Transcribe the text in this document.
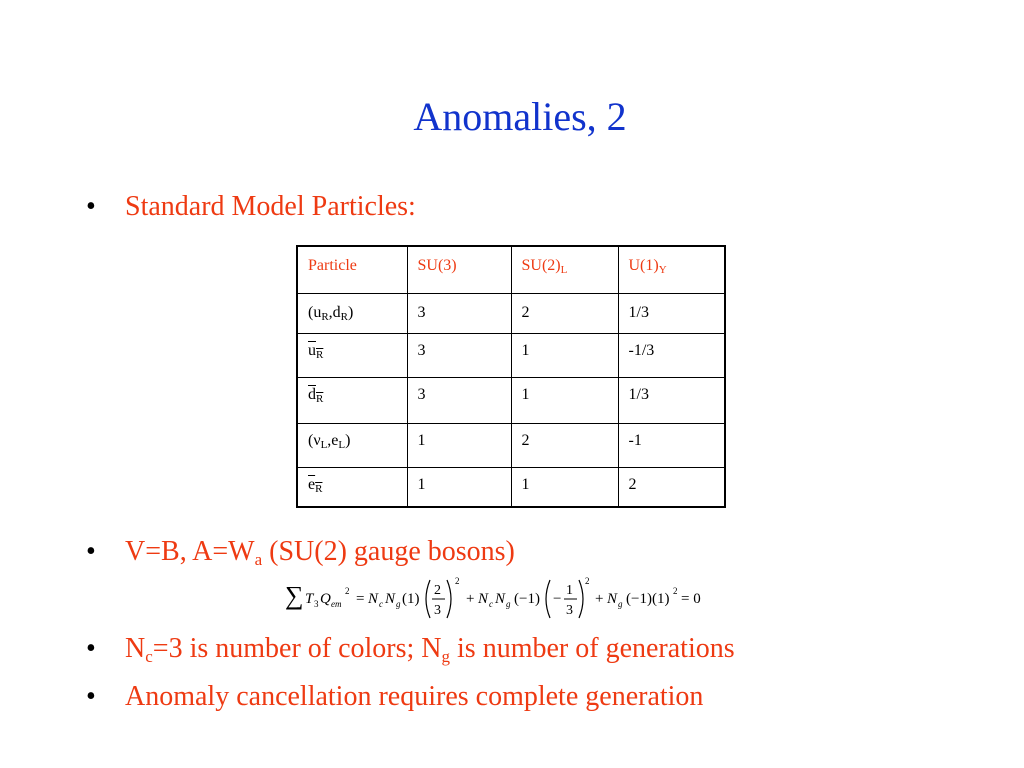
Anomalies, 2
• Standard Model Particles:
Particle	SU(3)	$SU(2)_L$	$U(1)_Y$
$(u_R,d_R)$	3	2	1/3
$u_R$	3	1	-1/3
$d_R$	3	1	1/3
$(\nu_L,e_L)$	1	2	-1
$e_R$	1	1	2
• V=B, $A=W_a$ (SU(2) gauge bosons)
∑ T 3 Q em
2 = N c N g (1)
2
3
2
+ N c N g (−1) −
1
3
2
+ N g (−1)(1) 2 = 0
• $N_c=3$ is number of colors; $N_g$ is number of generations
• Anomaly cancellation requires complete generation
